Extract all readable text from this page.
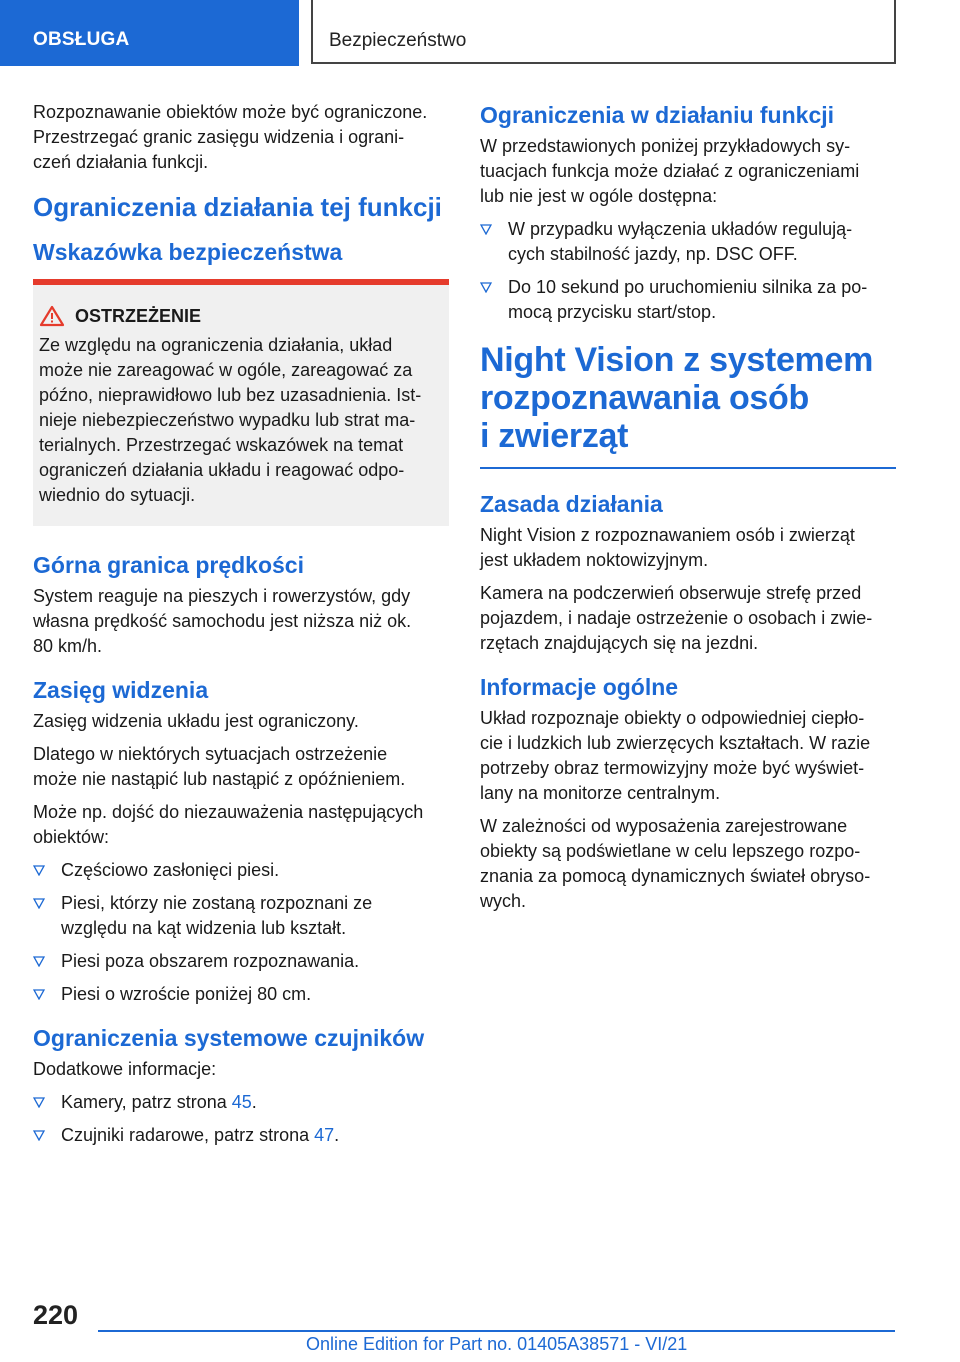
OBSŁUGA	Bezpieczeństwo

Rozpoznawanie obiektów może być ograniczone.
Przestrzegać granic zasięgu widzenia i ograni-
czeń działania funkcji.

Ograniczenia działania tej funkcji
Wskazówka bezpieczeństwa
OSTRZEŻENIE

Ze względu na ograniczenia działania, układ
może nie zareagować w ogóle, zareagować za
późno, nieprawidłowo lub bez uzasadnienia. Ist-
nieje niebezpieczeństwo wypadku lub strat ma-
terialnych. Przestrzegać wskazówek na temat
ograniczeń działania układu i reagować odpo-
wiednio do sytuacji.

Górna granica prędkości

System reaguje na pieszych i rowerzystów, gdy
własna prędkość samochodu jest niższa niż ok.
80 km/h.

Zasięg widzenia

Zasięg widzenia układu jest ograniczony.

Dlatego w niektórych sytuacjach ostrzeżenie
może nie nastąpić lub nastąpić z opóźnieniem.

Może np. dojść do niezauważenia następujących
obiektów:

Częściowo zasłonięci piesi.
Piesi, którzy nie zostaną rozpoznani ze
względu na kąt widzenia lub kształt.
Piesi poza obszarem rozpoznawania.
Piesi o wzroście poniżej 80 cm.
Ograniczenia systemowe czujników

Dodatkowe informacje:

Kamery, patrz strona 45.
Czujniki radarowe, patrz strona 47.
Ograniczenia w działaniu funkcji

W przedstawionych poniżej przykładowych sy-
tuacjach funkcja może działać z ograniczeniami
lub nie jest w ogóle dostępna:

W przypadku wyłączenia układów regulują-
cych stabilność jazdy, np. DSC OFF.
Do 10 sekund po uruchomieniu silnika za po-
mocą przycisku start/stop.
Night Vision z systemem
rozpoznawania osób
i zwierząt
Zasada działania

Night Vision z rozpoznawaniem osób i zwierząt
jest układem noktowizyjnym.

Kamera na podczerwień obserwuje strefę przed
pojazdem, i nadaje ostrzeżenie o osobach i zwie-
rzętach znajdujących się na jezdni.

Informacje ogólne

Układ rozpoznaje obiekty o odpowiedniej ciepło-
cie i ludzkich lub zwierzęcych kształtach. W razie
potrzeby obraz termowizyjny może być wyświet-
lany na monitorze centralnym.

W zależności od wyposażenia zarejestrowane
obiekty są podświetlane w celu lepszego rozpo-
znania za pomocą dynamicznych świateł obryso-
wych.

220
Online Edition for Part no. 01405A38571 - VI/21
